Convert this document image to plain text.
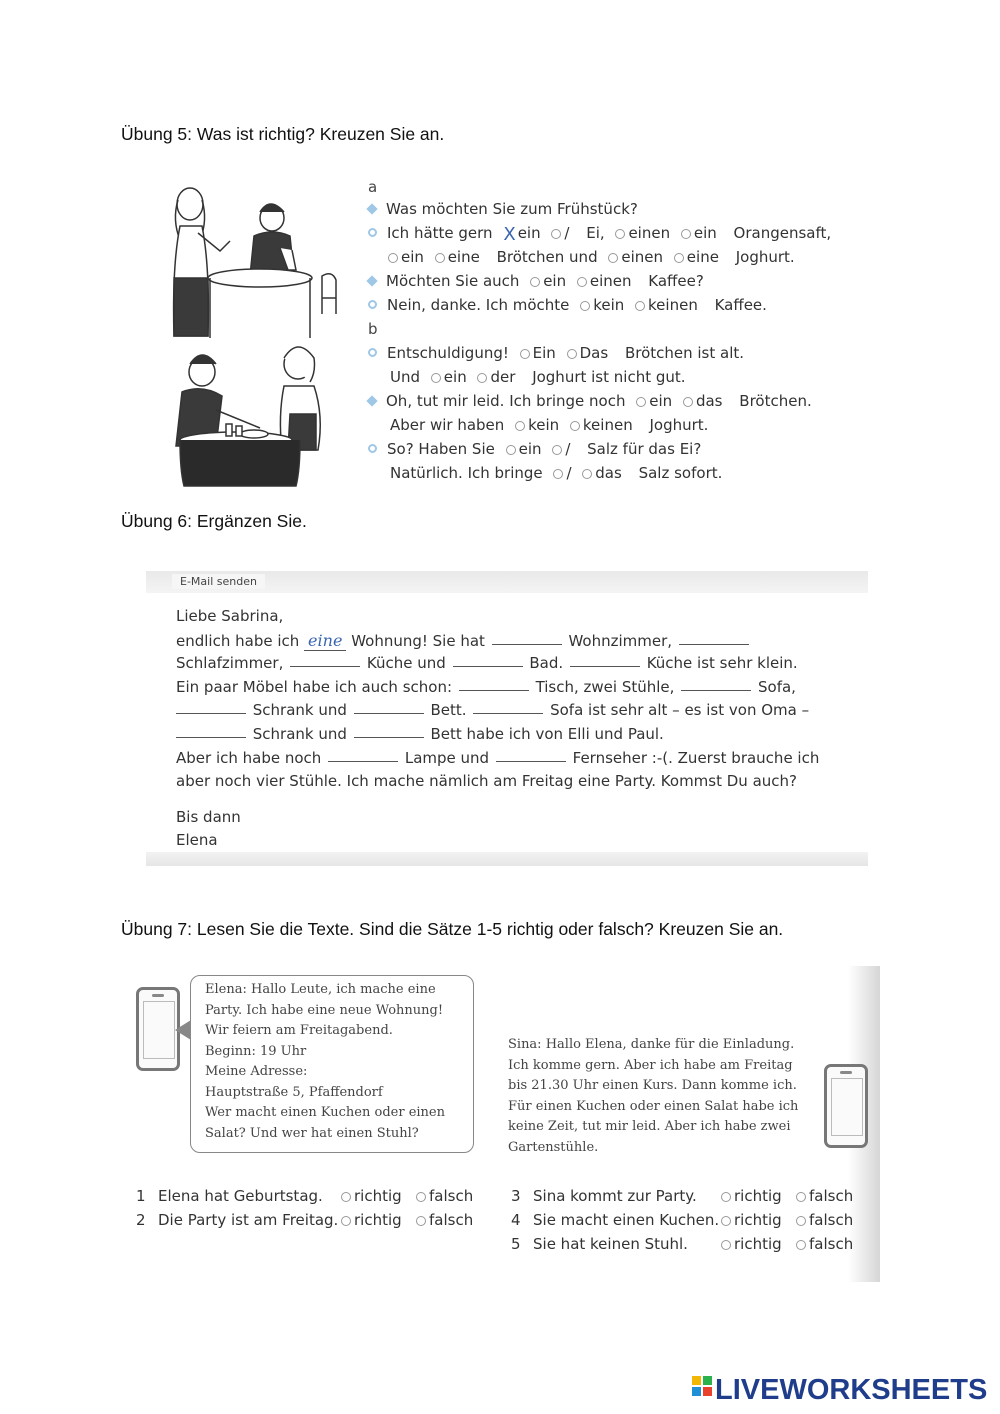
Übung 5: Was ist richtig? Kreuzen Sie an.
a
Was möchten Sie zum Frühstück?
Ich hätte gern X ein / Ei, einen ein Orangensaft,
ein eine Brötchen und einen eine Joghurt.
Möchten Sie auch ein einen Kaffee?
Nein, danke. Ich möchte kein keinen Kaffee.
b
Entschuldigung! Ein Das Brötchen ist alt.
Und ein der Joghurt ist nicht gut.
Oh, tut mir leid. Ich bringe noch ein das Brötchen.
Aber wir haben kein keinen Joghurt.
So? Haben Sie ein / Salz für das Ei?
Natürlich. Ich bringe / das Salz sofort.
Übung 6: Ergänzen Sie.
E-Mail senden
Liebe Sabrina,
endlich habe ich eine Wohnung! Sie hat	Wohnzimmer,
Schlafzimmer,	Küche und	Bad.	Küche ist sehr klein.
Ein paar Möbel habe ich auch schon:	Tisch, zwei Stühle,	Sofa,
Schrank und	Bett.	Sofa ist sehr alt – es ist von Oma –
Schrank und	Bett habe ich von Elli und Paul.
Aber ich habe noch	Lampe und	Fernseher :-(. Zuerst brauche ich
aber noch vier Stühle. Ich mache nämlich am Freitag eine Party. Kommst Du auch?
Bis dann
Elena
Übung 7: Lesen Sie die Texte. Sind die Sätze 1-5 richtig oder falsch? Kreuzen Sie an.
Elena: Hallo Leute, ich mache eine
Party. Ich habe eine neue Wohnung!
Wir feiern am Freitagabend.
Beginn: 19 Uhr
Meine Adresse:
Hauptstraße 5, Pfaffendorf
Wer macht einen Kuchen oder einen
Salat? Und wer hat einen Stuhl?
Sina: Hallo Elena, danke für die Einladung.
Ich komme gern. Aber ich habe am Freitag
bis 21.30 Uhr einen Kurs. Dann komme ich.
Für einen Kuchen oder einen Salat habe ich
keine Zeit, tut mir leid. Aber ich habe zwei
Gartenstühle.
1 Elena hat Geburtstag.	richtig	falsch
2 Die Party ist am Freitag.	richtig	falsch
3 Sina kommt zur Party.	richtig	falsch
4 Sie macht einen Kuchen. richtig	falsch
5 Sie hat keinen Stuhl.	richtig	falsch
LIVEWORKSHEETS
